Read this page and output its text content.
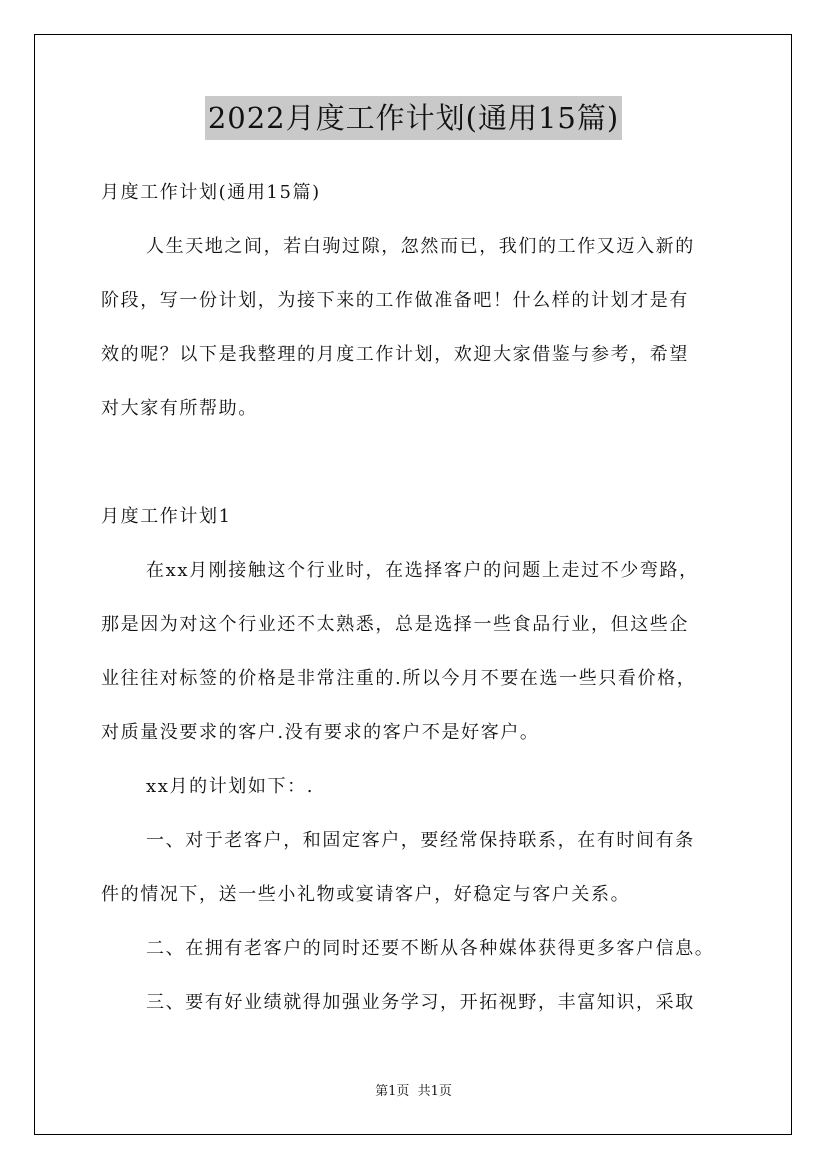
2022月度工作计划(通用15篇)

月度工作计划(通用15篇)

人生天地之间，若白驹过隙，忽然而已，我们的工作又迈入新的

阶段，写一份计划，为接下来的工作做准备吧！什么样的计划才是有

效的呢？以下是我整理的月度工作计划，欢迎大家借鉴与参考，希望

对大家有所帮助。

月度工作计划1

在xx月刚接触这个行业时，在选择客户的问题上走过不少弯路，

那是因为对这个行业还不太熟悉，总是选择一些食品行业，但这些企

业往往对标签的价格是非常注重的.所以今月不要在选一些只看价格，

对质量没要求的客户.没有要求的客户不是好客户。

xx月的计划如下：.

一、对于老客户，和固定客户，要经常保持联系，在有时间有条

件的情况下，送一些小礼物或宴请客户，好稳定与客户关系。

二、在拥有老客户的同时还要不断从各种媒体获得更多客户信息。

三、要有好业绩就得加强业务学习，开拓视野，丰富知识，采取

第1页  共1页
